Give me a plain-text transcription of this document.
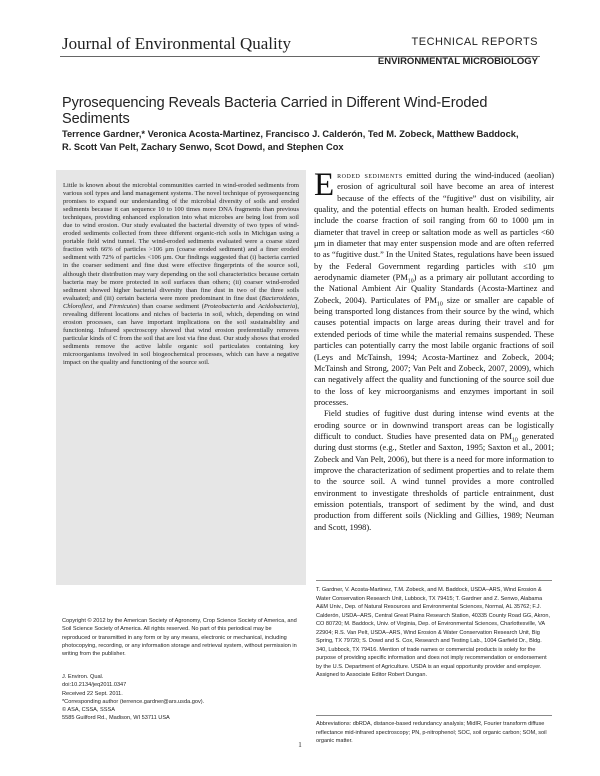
Journal of Environmental Quality	TECHNICAL REPORTS
ENVIRONMENTAL MICROBIOLOGY
Pyrosequencing Reveals Bacteria Carried in Different Wind-Eroded Sediments
Terrence Gardner,* Veronica Acosta-Martinez, Francisco J. Calderón, Ted M. Zobeck, Matthew Baddock,
R. Scott Van Pelt, Zachary Senwo, Scot Dowd, and Stephen Cox
Little is known about the microbial communities carried in wind-eroded sediments from various soil types and land management systems. The novel technique of pyrosequencing promises to expand our understanding of the microbial diversity of soils and eroded sediments because it can sequence 10 to 100 times more DNA fragments than previous techniques, providing enhanced exploration into what microbes are being lost from soil due to wind erosion. Our study evaluated the bacterial diversity of two types of wind-eroded sediments collected from three different organic-rich soils in Michigan using a portable field wind tunnel. The wind-eroded sediments evaluated were a coarse sized fraction with 66% of particles >106 μm (coarse eroded sediment) and a finer eroded sediment with 72% of particles <106 μm. Our findings suggested that (i) bacteria carried in the coarser sediment and fine dust were effective fingerprints of the source soil, although their distribution may vary depending on the soil characteristics because certain bacteria may be more protected in soil surfaces than others; (ii) coarser wind-eroded sediment showed higher bacterial diversity than fine dust in two of the three soils evaluated; and (iii) certain bacteria were more predominant in fine dust (Bacteroidetes, Chloroflexi, and Firmicutes) than coarse sediment (Proteobacteria and Acidobacteria), revealing different locations and niches of bacteria in soil, which, depending on wind erosion processes, can have important implications on the soil sustainability and functioning. Infrared spectroscopy showed that wind erosion preferentially removes particular kinds of C from the soil that are lost via fine dust. Our study shows that eroded sediments remove the active labile organic soil particulates containing key microorganisms involved in soil biogeochemical processes, which can have a negative impact on the quality and functioning of the source soil.

Eroded sediments emitted during the wind-induced (aeolian) erosion of agricultural soil have become an area of interest because of the effects of the “fugitive” dust on visibility, air quality, and the potential effects on human health. Eroded sediments include the coarse fraction of soil ranging from 60 to 1000 μm in diameter that travel in creep or saltation mode as well as particles <60 μm in diameter that may enter suspension mode and are often referred to as “fugitive dust.” In the United States, regulations have been issued by the Federal Government regarding particles with ≤10 μm aerodynamic diameter $(PM_{10})$ as a primary air pollutant according to the National Ambient Air Quality Standards (Acosta-Martinez and Zobeck, 2004). Particulates of $PM_{10}$ size or smaller are capable of being transported long distances from their source by the wind, which causes potential impacts on large areas during their travel and for extended periods of time while the material remains suspended. These particles can potentially carry the most labile organic fractions of soil (Leys and McTainsh, 1994; Acosta-Martinez and Zobeck, 2004; McTainsh and Strong, 2007; Van Pelt and Zobeck, 2007, 2009), which can negatively affect the quality and functioning of the source soil due to the loss of key microorganisms and enzymes important in soil processes.

Field studies of fugitive dust during intense wind events at the eroding source or in downwind transport areas can be logistically difficult to conduct. Studies have presented data on $PM_{10}$ generated during dust storms (e.g., Stetler and Saxton, 1995; Saxton et al., 2001; Zobeck and Van Pelt, 2006), but there is a need for more information to improve the characterization of sediment properties and to relate them to the source soil. A wind tunnel provides a more controlled environment to investigate thresholds of particle entrainment, dust emission potentials, transport of sediment by the wind, and dust production from different soils (Nickling and Gillies, 1989; Neuman and Scott, 1998).

T. Gardner, V. Acosta-Martinez, T.M. Zobeck, and M. Baddock, USDA–ARS, Wind Erosion & Water Conservation Research Unit, Lubbock, TX 79415; T. Gardner and Z. Senwo, Alabama A&M Univ., Dep. of Natural Resources and Environmental Sciences, Normal, AL 35762; F.J. Calderón, USDA–ARS, Central Great Plains Research Station, 40335 County Road GG, Akron, CO 80720; M. Baddock, Univ. of Virginia, Dep. of Environmental Sciences, Charlottesville, VA 22904; R.S. Van Pelt, USDA–ARS, Wind Erosion & Water Conservation Research Unit, Big Spring, TX 79720; S. Dowd and S. Cox, Research and Testing Lab., 1004 Garfield Dr., Bldg. 340, Lubbock, TX 79416. Mention of trade names or commercial products is solely for the purpose of providing specific information and does not imply recommendation or endorsement by the U.S. Department of Agriculture. USDA is an equal opportunity provider and employer. Assigned to Associate Editor Robert Dungan.
Abbreviations: dbRDA, distance-based redundancy analysis; MidIR, Fourier transform diffuse reflectance mid-infrared spectroscopy; PN, p-nitrophenol; SOC, soil organic carbon; SOM, soil organic matter.
Copyright © 2012 by the American Society of Agronomy, Crop Science Society of America, and Soil Science Society of America. All rights reserved. No part of this periodical may be reproduced or transmitted in any form or by any means, electronic or mechanical, including photocopying, recording, or any information storage and retrieval system, without permission in writing from the publisher.
J. Environ. Qual.
doi:10.2134/jeq2011.0347
Received 22 Sept. 2011.
*Corresponding author (terrence.gardner@ars.usda.gov).
© ASA, CSSA, SSSA
5585 Guilford Rd., Madison, WI 53711 USA
1
